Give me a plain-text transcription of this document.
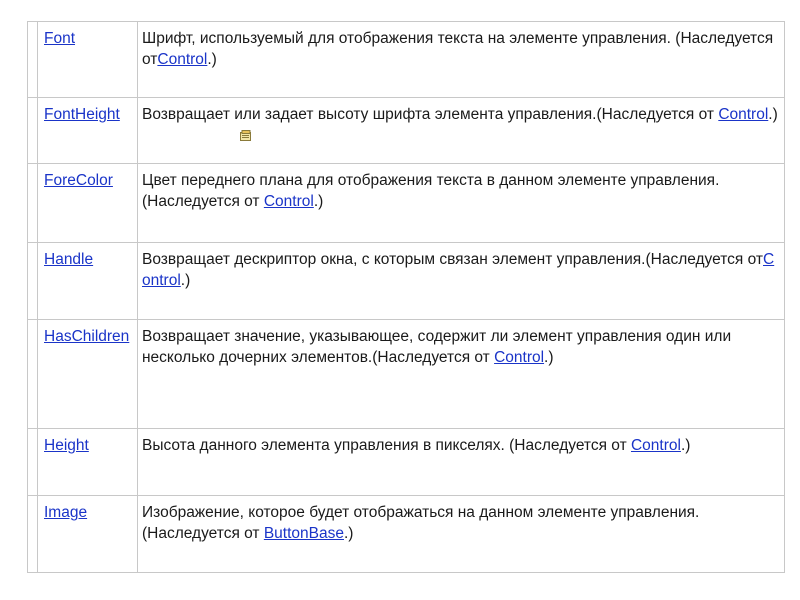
	Font	Шрифт, используемый для отображения текста на элементе управления. (Наследуется отControl.)
	FontHeight	Возвращает или задает высоту шрифта элемента управления.(Наследуется от Control.)

	ForeColor	Цвет переднего плана для отображения текста в данном элементе управления.(Наследуется от Control.)
	Handle	Возвращает дескриптор окна, с которым связан элемент управления.(Наследуется отControl.)
	HasChildren	Возвращает значение, указывающее, содержит ли элемент управления один или несколько дочерних элементов.(Наследуется от Control.)
	Height	Высота данного элемента управления в пикселях. (Наследуется от Control.)
	Image	Изображение, которое будет отображаться на данном элементе управления.(Наследуется от ButtonBase.)
